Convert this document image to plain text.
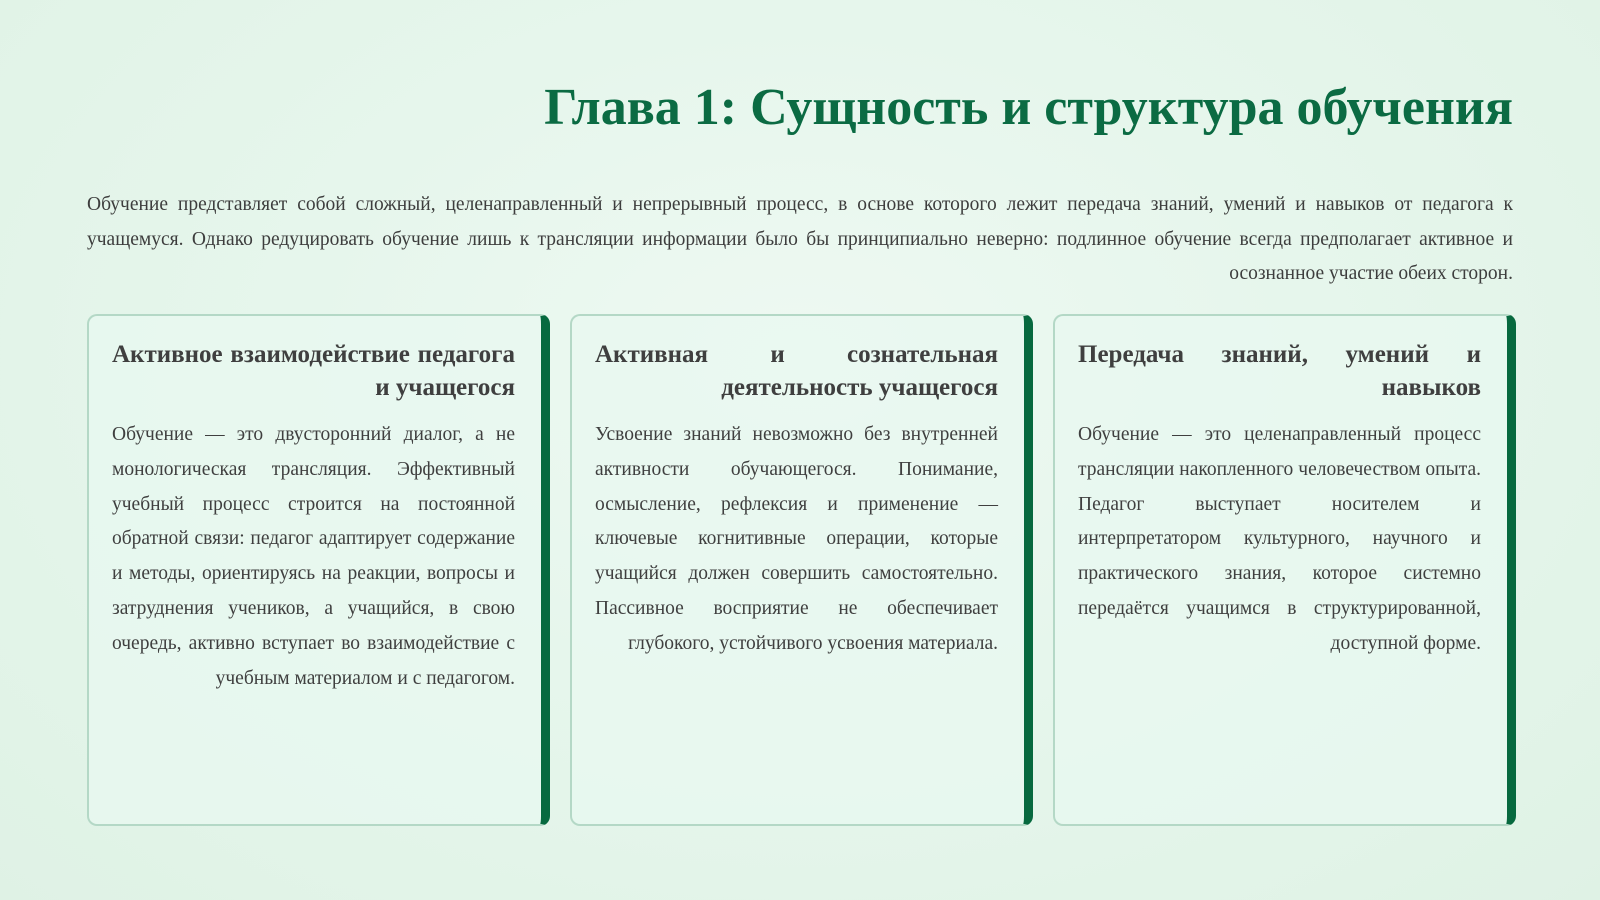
Глава 1: Сущность и структура обучения

Обучение представляет собой сложный, целенаправленный и непрерывный процесс, в основе которого лежит передача знаний, умений и навыков от педагога к учащемуся. Однако редуцировать обучение лишь к трансляции информации было бы принципиально неверно: подлинное обучение всегда предполагает активное и осознанное участие обеих сторон.

Активное взаимодействие педагога и учащегося

Обучение — это двусторонний диалог, а не монологическая трансляция. Эффективный учебный процесс строится на постоянной обратной связи: педагог адаптирует содержание и методы, ориентируясь на реакции, вопросы и затруднения учеников, а учащийся, в свою очередь, активно вступает во взаимодействие с учебным материалом и с педагогом.

Активная и сознательная деятельность учащегося

Усвоение знаний невозможно без внутренней активности обучающегося. Понимание, осмысление, рефлексия и применение — ключевые когнитивные операции, которые учащийся должен совершить самостоятельно. Пассивное восприятие не обеспечивает глубокого, устойчивого усвоения материала.

Передача знаний, умений и навыков

Обучение — это целенаправленный процесс трансляции накопленного человечеством опыта. Педагог выступает носителем и интерпретатором культурного, научного и практического знания, которое системно передаётся учащимся в структурированной, доступной форме.
